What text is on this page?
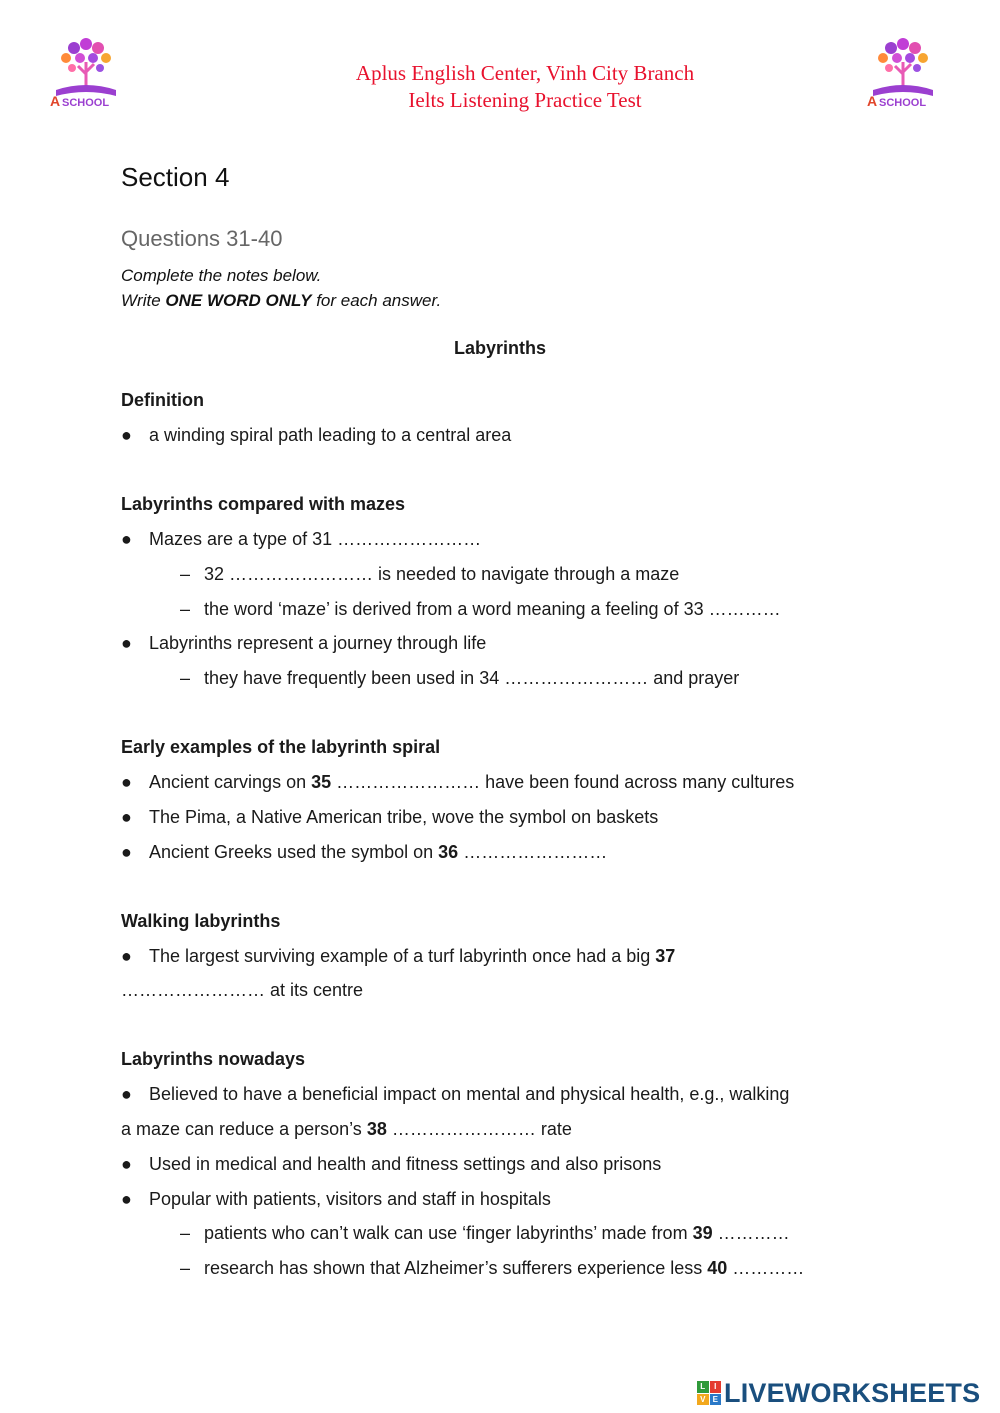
A SCHOOL	A SCHOOL
Aplus English Center, Vinh City Branch
Ielts Listening Practice Test
Section 4
Questions 31-40
Complete the notes below.
Write ONE WORD ONLY for each answer.
Labyrinths
Definition
● a winding spiral path leading to a central area
Labyrinths compared with mazes
● Mazes are a type of 31 ……………………
– 32 …………………… is needed to navigate through a maze
– the word ‘maze’ is derived from a word meaning a feeling of 33 …………
● Labyrinths represent a journey through life
– they have frequently been used in 34 …………………… and prayer
Early examples of the labyrinth spiral
● Ancient carvings on 35 …………………… have been found across many cultures
● The Pima, a Native American tribe, wove the symbol on baskets
● Ancient Greeks used the symbol on 36 ……………………
Walking labyrinths
● The largest surviving example of a turf labyrinth once had a big 37
…………………… at its centre
Labyrinths nowadays
● Believed to have a beneficial impact on mental and physical health, e.g., walking
a maze can reduce a person’s 38 …………………… rate
● Used in medical and health and fitness settings and also prisons
● Popular with patients, visitors and staff in hospitals
– patients who can’t walk can use ‘finger labyrinths’ made from 39 …………
– research has shown that Alzheimer’s sufferers experience less 40 …………
L	I
V E LIVEWORKSHEETS
